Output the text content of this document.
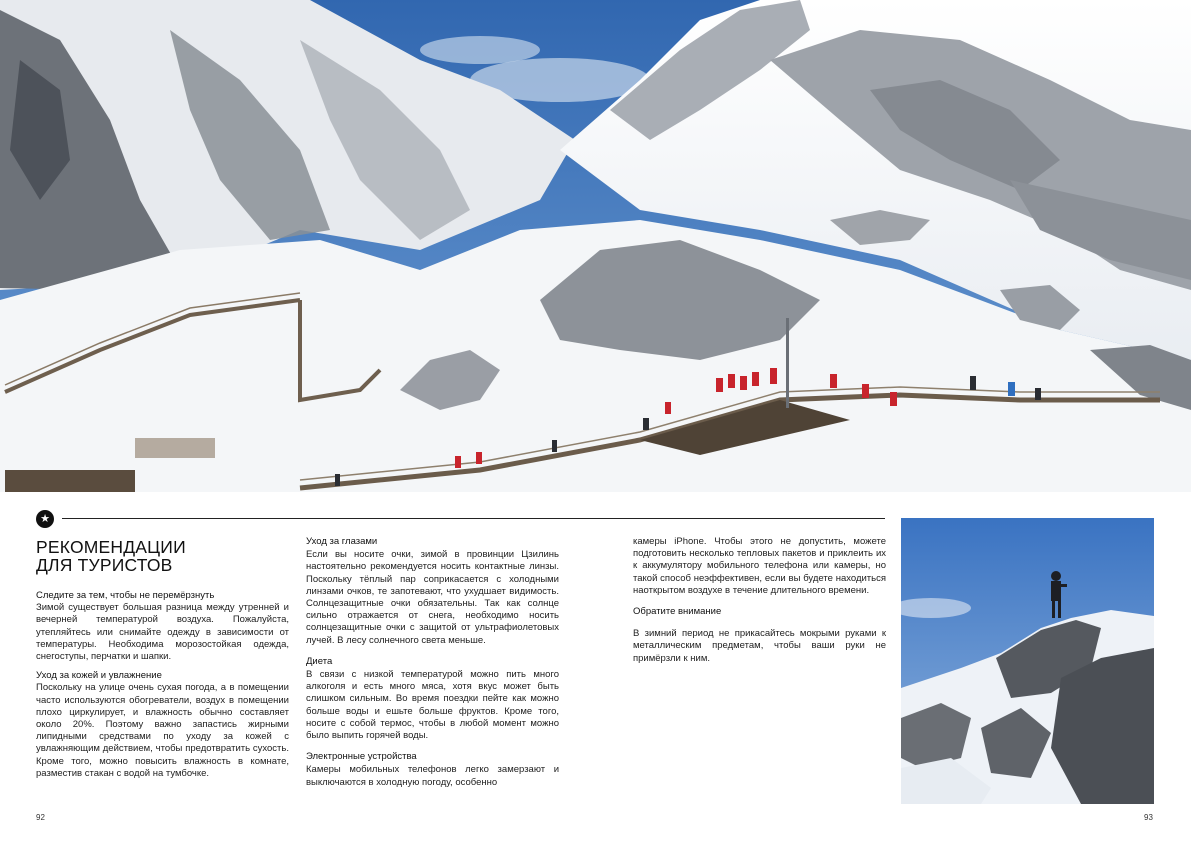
★
РЕКОМЕНДАЦИИ ДЛЯ ТУРИСТОВ
Следите за тем, чтобы не перемёрзнуть
Зимой существует большая разница между утренней и вечерней температурой воздуха. Пожалуйста, утепляйтесь или снимайте одежду в зависимости от температуры. Необходима морозостойкая одежда, снегоступы, перчатки и шапки.
Уход за кожей и увлажнение
Поскольку на улице очень сухая погода, а в помещении часто используются обогреватели, воздух в помещении плохо циркулирует, и влажность обычно составляет около 20%. Поэтому важно запастись жирными липидными средствами по уходу за кожей с увлажняющим действием, чтобы предотвратить сухость. Кроме того, можно повысить влажность в комнате, разместив стакан с водой на тумбочке.
Уход за глазами
Если вы носите очки, зимой в провинции Цзилинь настоятельно рекомендуется носить контактные линзы. Поскольку тёплый пар соприкасается с холодными линзами очков, те запотевают, что ухудшает видимость. Солнцезащитные очки обязательны. Так как солнце сильно отражается от снега, необходимо носить солнцезащитные очки с защитой от ультрафиолетовых лучей. В лесу солнечного света меньше.
Диета
В связи с низкой температурой можно пить много алкоголя и есть много мяса, хотя вкус может быть слишком сильным. Во время поездки пейте как можно больше воды и ешьте больше фруктов. Кроме того, носите с собой термос, чтобы в любой момент можно было выпить горячей воды.
Электронные устройства
Камеры мобильных телефонов легко замерзают и выключаются в холодную погоду, особенно
камеры iPhone. Чтобы этого не допустить, можете подготовить несколько тепловых пакетов и приклеить их к аккумулятору мобильного телефона или камеры, но такой способ неэффективен, если вы будете находиться наоткрытом воздухе в течение длительного времени.
Обратите внимание
В зимний период не прикасайтесь мокрыми руками к металлическим предметам, чтобы ваши руки не примёрзли к ним.
92	93
